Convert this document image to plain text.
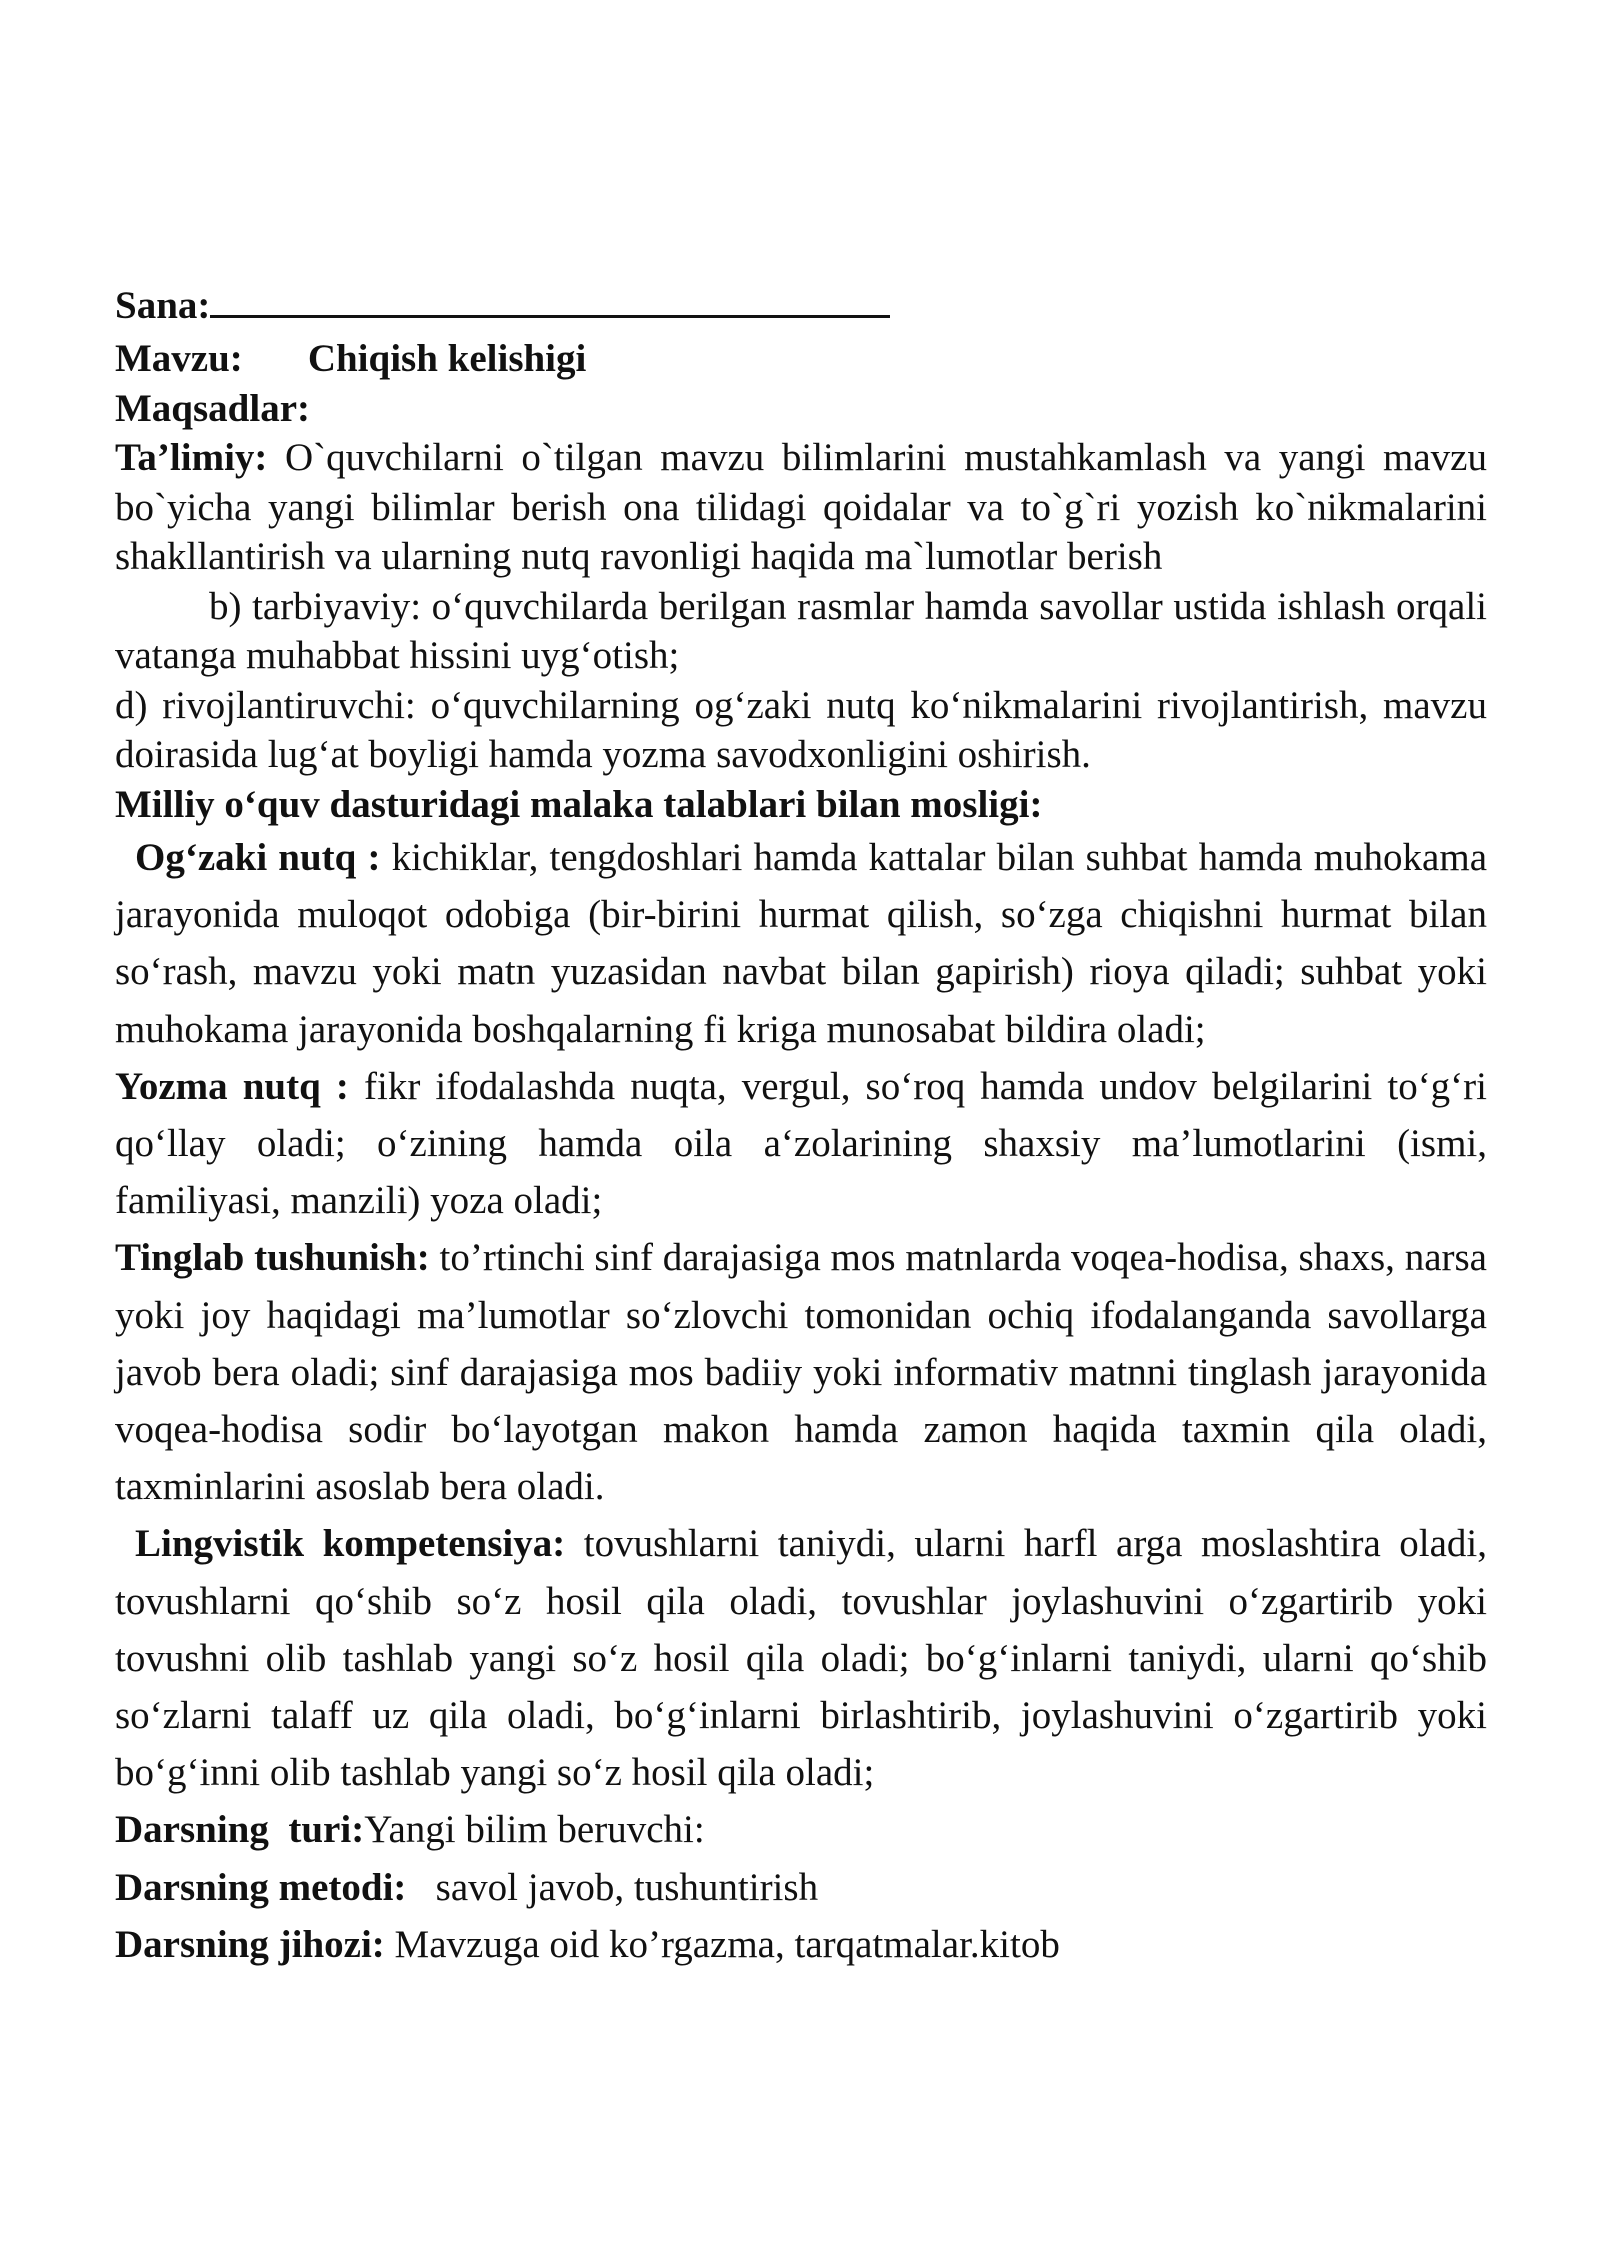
Sana:

Mavzu: Chiqish kelishigi

Maqsadlar:

Ta’limiy: O`quvchilarni o`tilgan mavzu bilimlarini mustahkamlash va yangi mavzu bo`yicha yangi bilimlar berish ona tilidagi qoidalar va to`g`ri yozish ko`nikmalarini shakllantirish va ularning nutq ravonligi haqida ma`lumotlar berish

b) tarbiyaviy: o‘quvchilarda berilgan rasmlar hamda savollar ustida ishlash orqali vatanga muhabbat hissini uyg‘otish;

d) rivojlantiruvchi: o‘quvchilarning og‘zaki nutq ko‘nikmalarini rivojlantirish, mavzu doirasida lug‘at boyligi hamda yozma savodxonligini oshirish.

Milliy o‘quv dasturidagi malaka talablari bilan mosligi:

Og‘zaki nutq : kichiklar, tengdoshlari hamda kattalar bilan suhbat hamda muhokama jarayonida muloqot odobiga (bir-birini hurmat qilish, so‘zga chiqishni hurmat bilan so‘rash, mavzu yoki matn yuzasidan navbat bilan gapirish) rioya qiladi; suhbat yoki muhokama jarayonida boshqalarning fi kriga munosabat bildira oladi;

Yozma nutq : fikr ifodalashda nuqta, vergul, so‘roq hamda undov belgilarini to‘g‘ri qo‘llay oladi; o‘zining hamda oila a‘zolarining shaxsiy ma’lumotlarini (ismi, familiyasi, manzili) yoza oladi;

Tinglab tushunish: to’rtinchi sinf darajasiga mos matnlarda voqea-hodisa, shaxs, narsa yoki joy haqidagi ma’lumotlar so‘zlovchi tomonidan ochiq ifodalanganda savollarga javob bera oladi; sinf darajasiga mos badiiy yoki informativ matnni tinglash jarayonida voqea-hodisa sodir bo‘layotgan makon hamda zamon haqida taxmin qila oladi, taxminlarini asoslab bera oladi.

Lingvistik kompetensiya: tovushlarni taniydi, ularni harfl arga moslashtira oladi, tovushlarni qo‘shib so‘z hosil qila oladi, tovushlar joylashuvini o‘zgartirib yoki tovushni olib tashlab yangi so‘z hosil qila oladi; bo‘g‘inlarni taniydi, ularni qo‘shib so‘zlarni talaff uz qila oladi, bo‘g‘inlarni birlashtirib, joylashuvini o‘zgartirib yoki bo‘g‘inni olib tashlab yangi so‘z hosil qila oladi;

Darsning  turi:Yangi bilim beruvchi:

Darsning metodi:   savol javob, tushuntirish

Darsning jihozi: Mavzuga oid ko’rgazma, tarqatmalar.kitob
